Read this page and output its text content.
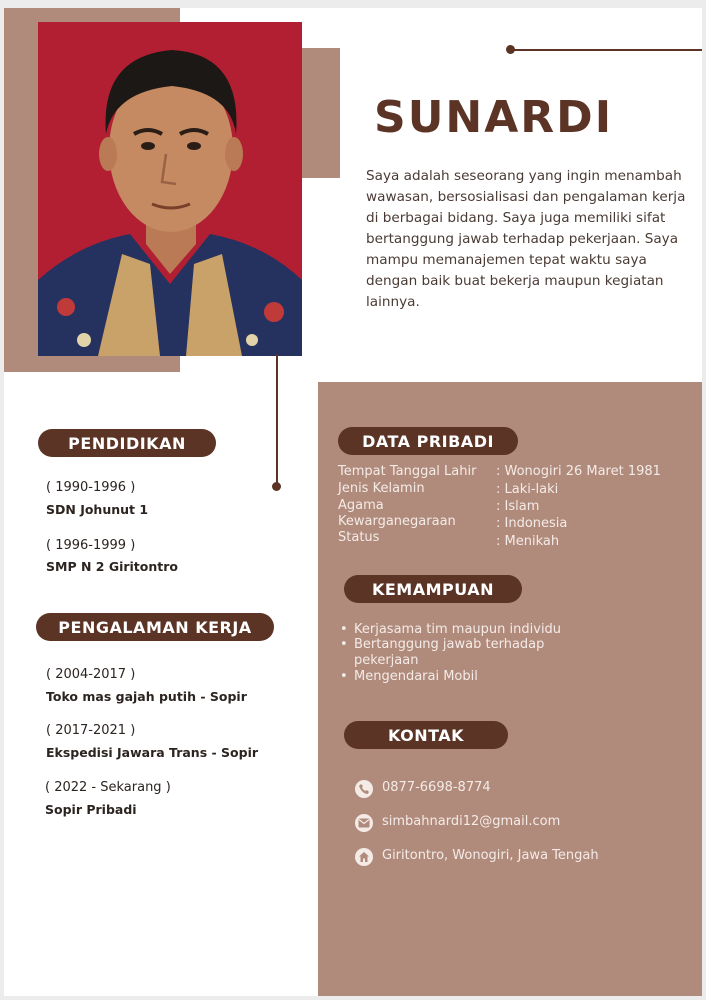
SUNARDI
Saya adalah seseorang yang ingin menambah wawasan, bersosialisasi dan pengalaman kerja di berbagai bidang. Saya juga memiliki sifat bertanggung jawab terhadap pekerjaan. Saya mampu memanajemen tepat waktu saya dengan baik buat bekerja maupun kegiatan lainnya.
PENDIDIKAN
( 1990-1996 )
SDN Johunut 1
( 1996-1999 )
SMP N 2 Giritontro
PENGALAMAN KERJA
( 2004-2017 )
Toko mas gajah putih - Sopir
( 2017-2021 )
Ekspedisi Jawara Trans - Sopir
( 2022 - Sekarang )
Sopir Pribadi
DATA PRIBADI
Tempat Tanggal Lahir
Jenis Kelamin
Agama
Kewarganegaraan
Status
: Wonogiri 26 Maret 1981
: Laki-laki
: Islam
: Indonesia
: Menikah
KEMAMPUAN
• Kerjasama tim maupun individu
• Bertanggung jawab terhadap
pekerjaan
• Mengendarai Mobil
KONTAK
0877-6698-8774
simbahnardi12@gmail.com
Giritontro, Wonogiri, Jawa Tengah
